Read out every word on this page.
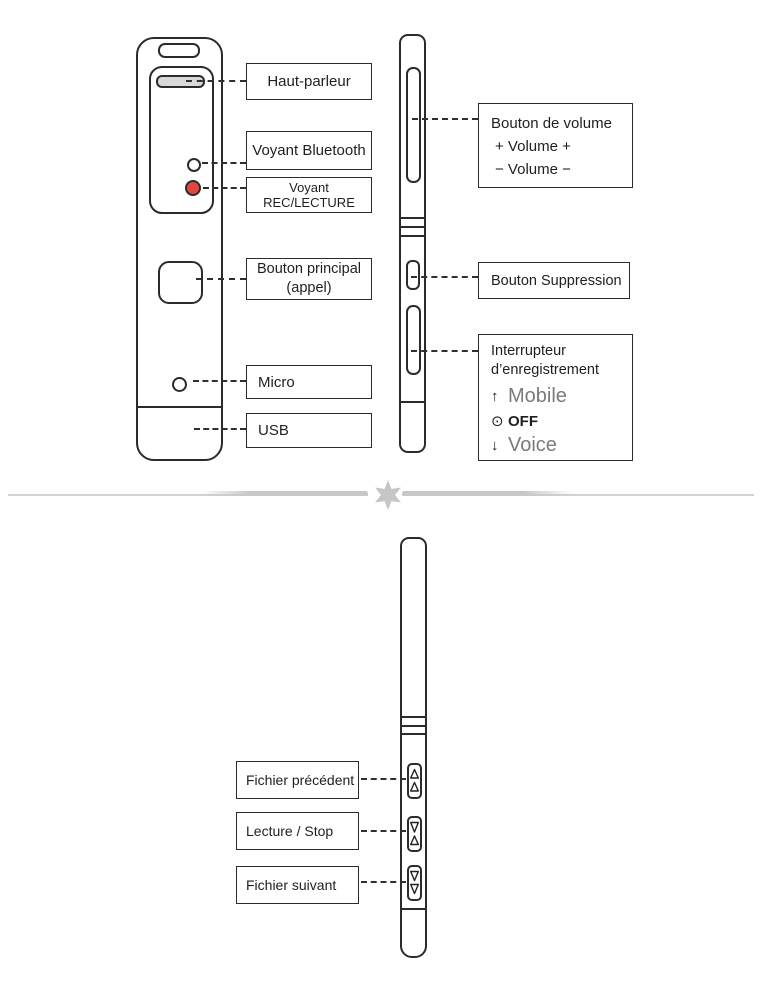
Haut-parleur
Voyant Bluetooth
Voyant REC/LECTURE
Bouton principal
(appel)
Micro
USB
Bouton de volume
+ Volume +
− Volume −
Bouton Suppression
Interrupteur
d’enregistrement
↑ Mobile
⊙ OFF
↓ Voice
Fichier précédent
Lecture / Stop
Fichier suivant
